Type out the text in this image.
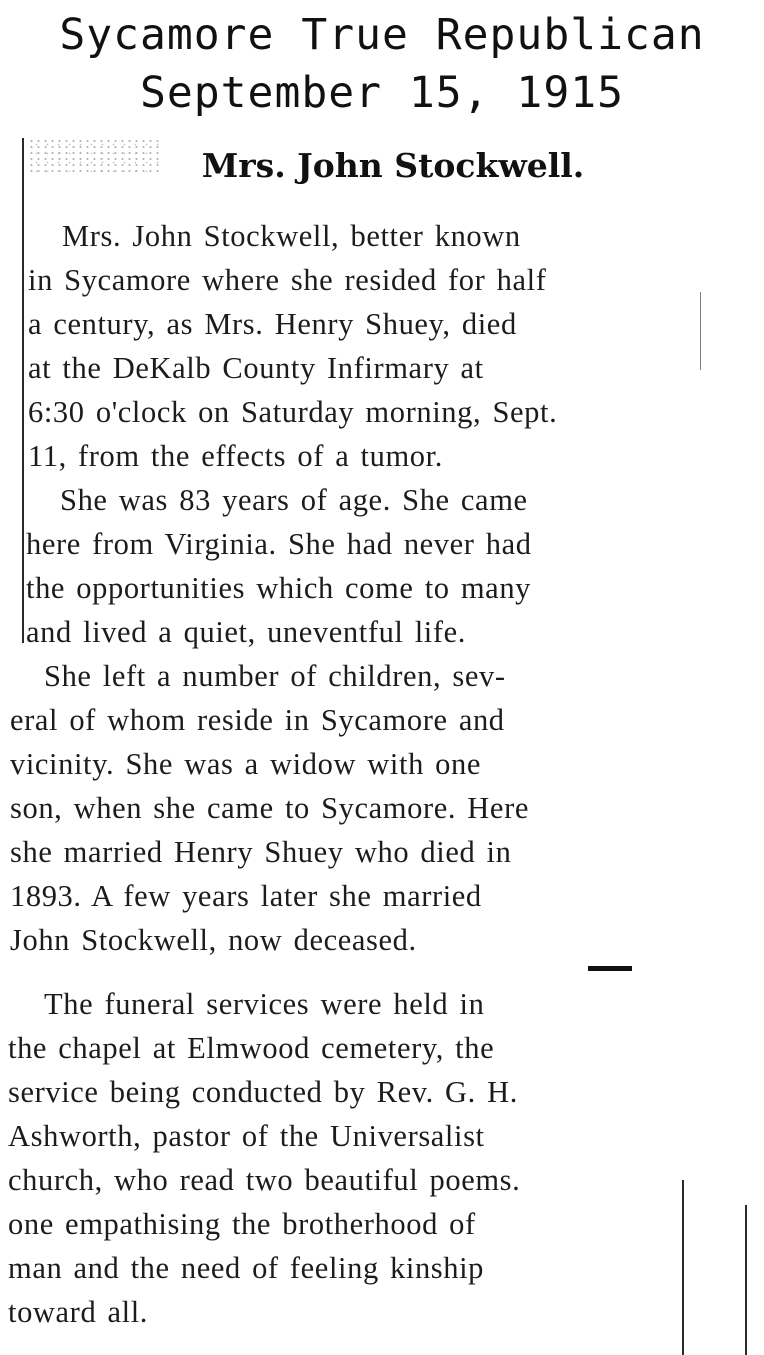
Sycamore True Republican
September 15, 1915
Mrs. John Stockwell.
Mrs. John Stockwell, better known
in Sycamore where she resided for half
a century, as Mrs. Henry Shuey, died
at the DeKalb County Infirmary at
6:30 o'clock on Saturday morning, Sept.
11, from the effects of a tumor.
She was 83 years of age. She came
here from Virginia. She had never had
the opportunities which come to many
and lived a quiet, uneventful life.
She left a number of children, sev-
eral of whom reside in Sycamore and
vicinity. She was a widow with one
son, when she came to Sycamore. Here
she married Henry Shuey who died in
1893. A few years later she married
John Stockwell, now deceased.
The funeral services were held in
the chapel at Elmwood cemetery, the
service being conducted by Rev. G. H.
Ashworth, pastor of the Universalist
church, who read two beautiful poems.
one empathising the brotherhood of
man and the need of feeling kinship
toward all.
